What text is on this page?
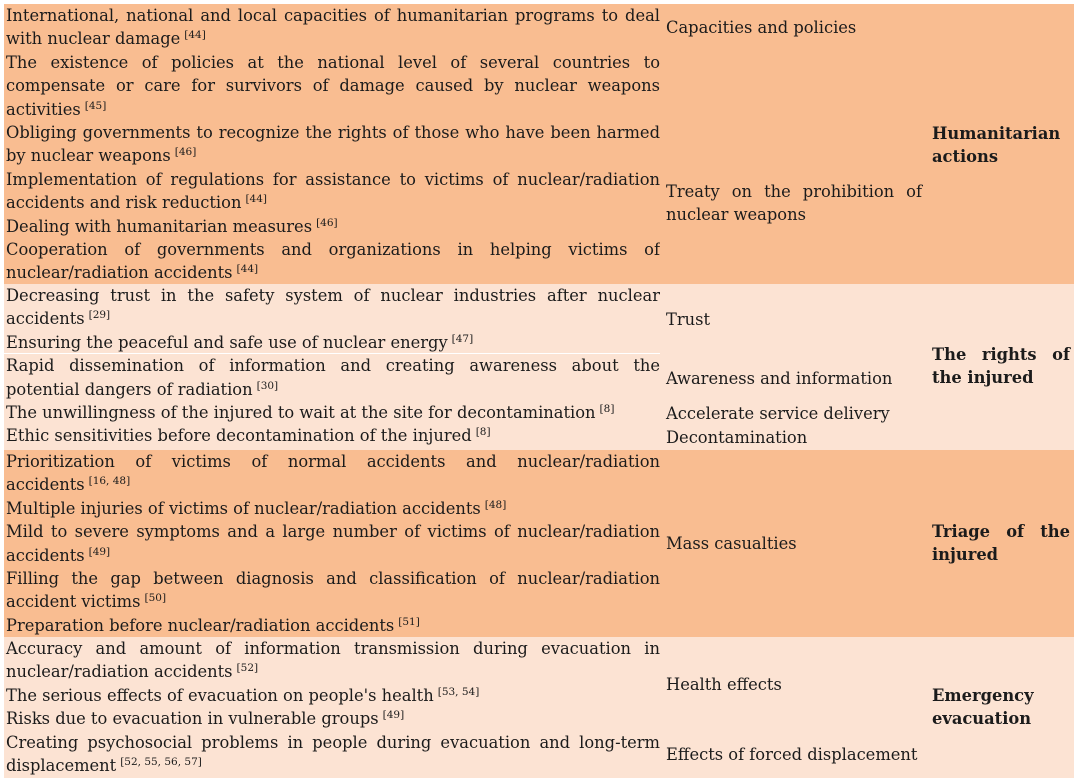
International, national and local capacities of humanitarian programs to deal with nuclear damage [44]
The existence of policies at the national level of several countries to compensate or care for survivors of damage caused by nuclear weapons activities [45]
Obliging governments to recognize the rights of those who have been harmed by nuclear weapons [46]
Implementation of regulations for assistance to victims of nuclear/radiation accidents and risk reduction [44]
Dealing with humanitarian measures [46]
Cooperation of governments and organizations in helping victims of nuclear/radiation accidents [44]
Capacities and policies
Treaty on the prohibition of nuclear weapons
Humanitarian actions
Decreasing trust in the safety system of nuclear industries after nuclear accidents [29]
Ensuring the peaceful and safe use of nuclear energy [47]
Rapid dissemination of information and creating awareness about the potential dangers of radiation [30]
The unwillingness of the injured to wait at the site for decontamination [8]
Ethic sensitivities before decontamination of the injured [8]
Trust
Awareness and information
Accelerate service delivery
Decontamination
The rights of the injured
Prioritization of victims of normal accidents and nuclear/radiation accidents [16, 48]
Multiple injuries of victims of nuclear/radiation accidents [48]
Mild to severe symptoms and a large number of victims of nuclear/radiation accidents [49]
Filling the gap between diagnosis and classification of nuclear/radiation accident victims [50]
Preparation before nuclear/radiation accidents [51]
Mass casualties
Triage of the injured
Accuracy and amount of information transmission during evacuation in nuclear/radiation accidents [52]
The serious effects of evacuation on people's health [53, 54]
Risks due to evacuation in vulnerable groups [49]
Creating psychosocial problems in people during evacuation and long-term displacement [52, 55, 56, 57]
Health effects
Effects of forced displacement
Emergency evacuation
